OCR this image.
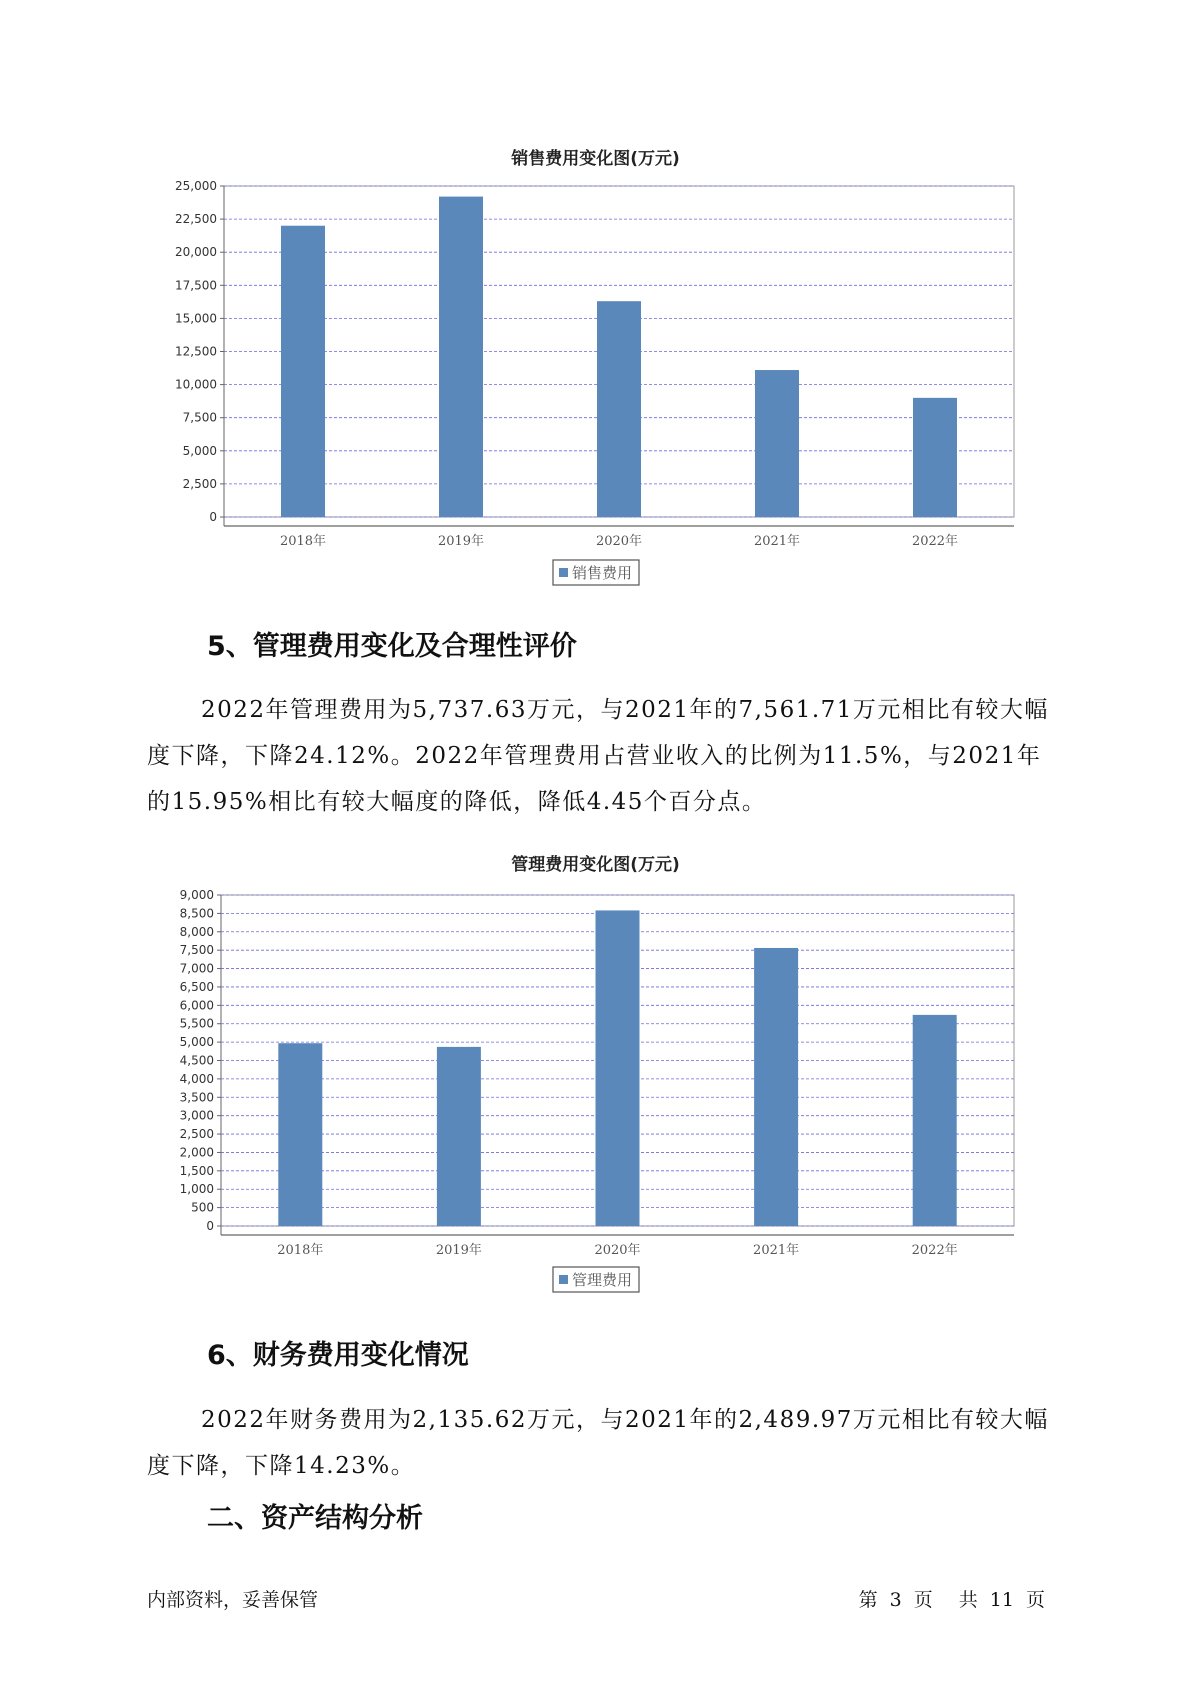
销售费用变化图(万元)
0
2,500
5,000
7,500
10,000
12,500
15,000
17,500
20,000
22,500
25,000
2018年	2019年	2020年	2021年	2022年
销售费用
5、管理费用变化及合理性评价

2022年管理费用为5,737.63万元，与2021年的7,561.71万元相比有较大幅度下降，下降24.12%。2022年管理费用占营业收入的比例为11.5%，与2021年的15.95%相比有较大幅度的降低，降低4.45个百分点。

管理费用变化图(万元)
0
500
1,000
1,500
2,000
2,500
3,000
3,500
4,000
4,500
5,000
5,500
6,000
6,500
7,000
7,500
8,000
8,500
9,000
2018年	2019年	2020年	2021年	2022年
管理费用
6、财务费用变化情况

2022年财务费用为2,135.62万元，与2021年的2,489.97万元相比有较大幅度下降，下降14.23%。

二、资产结构分析
内部资料，妥善保管	第 3 页 共 11 页
